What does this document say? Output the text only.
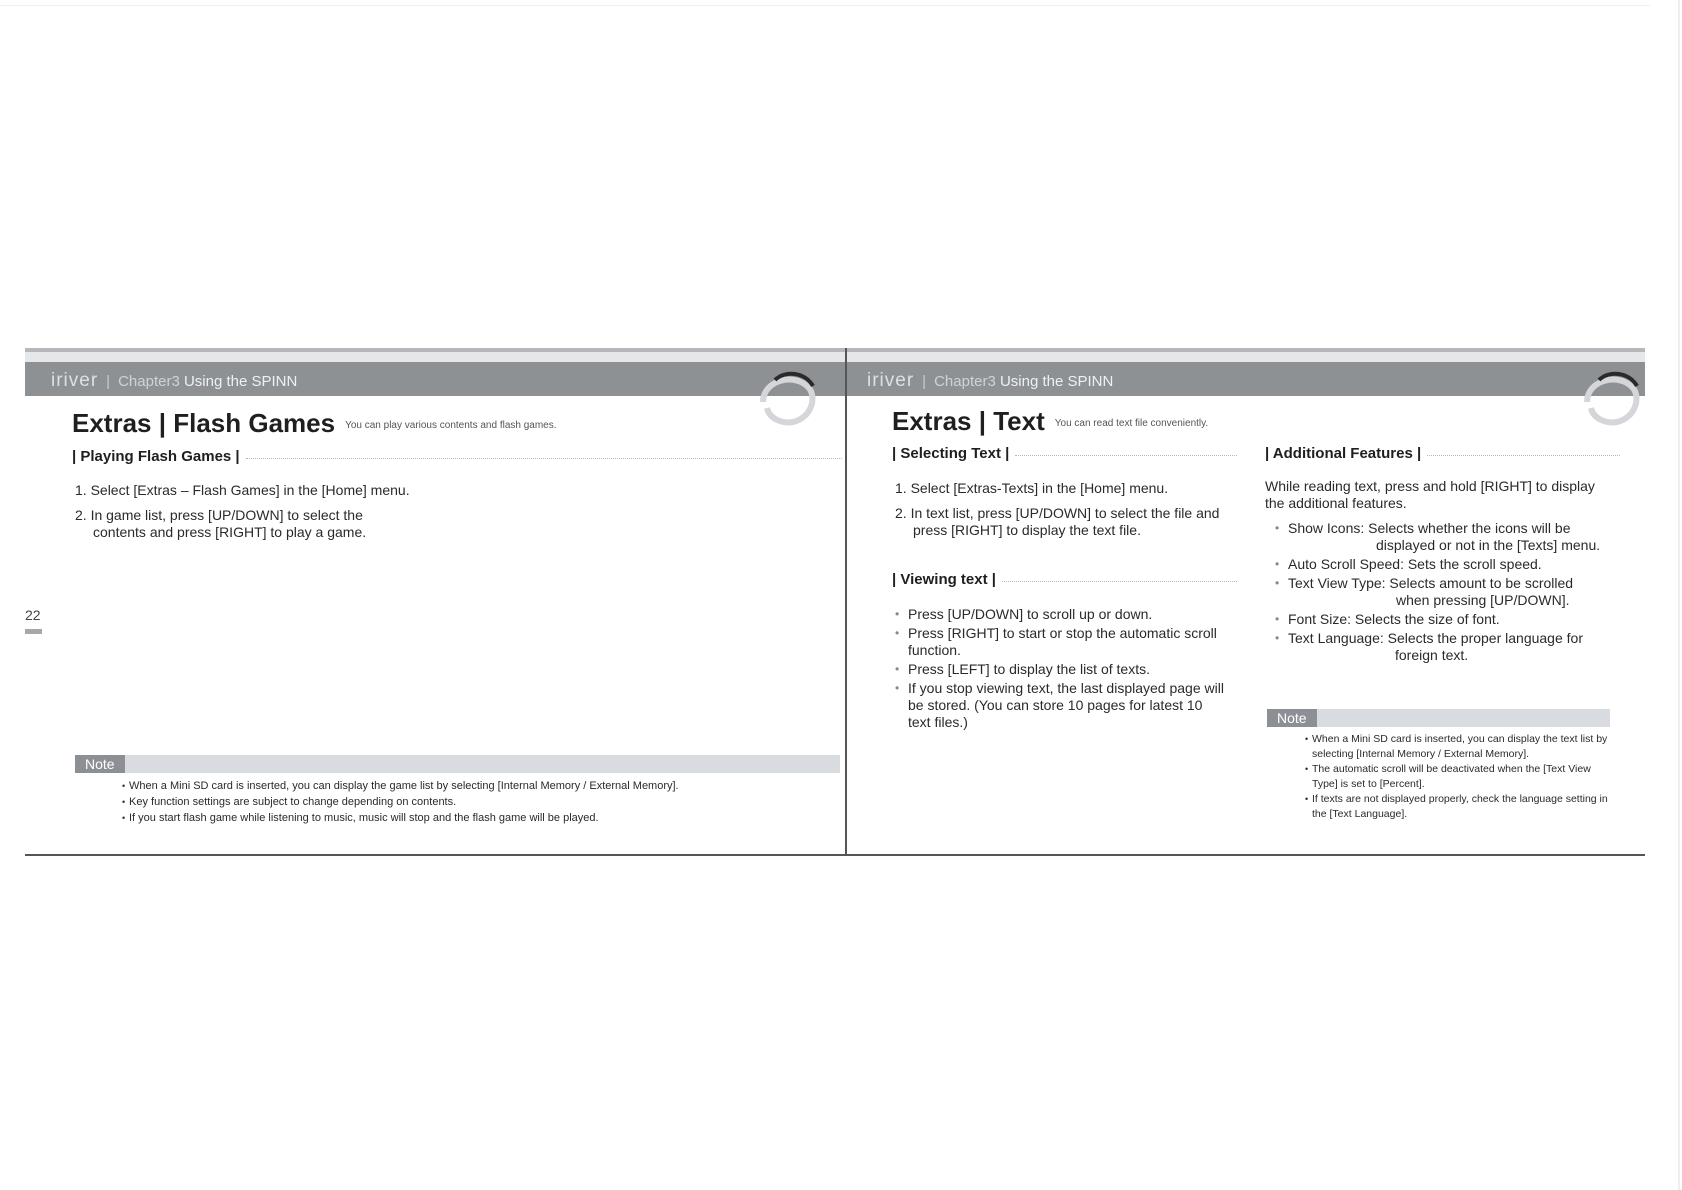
22
iriver | Chapter3 Using the SPINN
Extras | Flash Games You can play various contents and flash games.
| Playing Flash Games |
1. Select [Extras – Flash Games] in the [Home] menu.
2. In game list, press [UP/DOWN] to select the contents and press [RIGHT] to play a game.
Note
• When a Mini SD card is inserted, you can display the game list by selecting [Internal Memory / External Memory].
• Key function settings are subject to change depending on contents.
• If you start flash game while listening to music, music will stop and the flash game will be played.
iriver | Chapter3 Using the SPINN
Extras | Text You can read text file conveniently.
| Selecting Text |
1. Select [Extras-Texts] in the [Home] menu.
2. In text list, press [UP/DOWN] to select the file and press [RIGHT] to display the text file.
| Viewing text |
• Press [UP/DOWN] to scroll up or down.
• Press [RIGHT] to start or stop the automatic scroll function.
• Press [LEFT] to display the list of texts.
• If you stop viewing text, the last displayed page will be stored. (You can store 10 pages for latest 10 text files.)
| Additional Features |
While reading text, press and hold [RIGHT] to display the additional features.
• Show Icons: Selects whether the icons will be
displayed or not in the [Texts] menu.
• Auto Scroll Speed: Sets the scroll speed.
• Text View Type: Selects amount to be scrolled
when pressing [UP/DOWN].
• Font Size: Selects the size of font.
• Text Language: Selects the proper language for
foreign text.
Note
• When a Mini SD card is inserted, you can display the text list by selecting [Internal Memory / External Memory].
• The automatic scroll will be deactivated when the [Text View Type] is set to [Percent].
• If texts are not displayed properly, check the language setting in the [Text Language].
